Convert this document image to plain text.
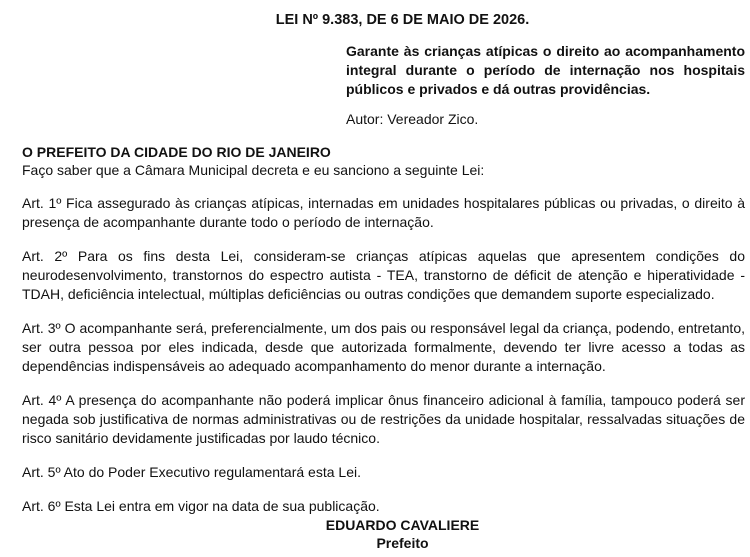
LEI Nº 9.383, DE 6 DE MAIO DE 2026.

Garante às crianças atípicas o direito ao acompanhamento integral durante o período de internação nos hospitais públicos e privados e dá outras providências.

Autor: Vereador Zico.

O PREFEITO DA CIDADE DO RIO DE JANEIRO

Faço saber que a Câmara Municipal decreta e eu sanciono a seguinte Lei:

Art. 1º Fica assegurado às crianças atípicas, internadas em unidades hospitalares públicas ou privadas, o direito à presença de acompanhante durante todo o período de internação.

Art. 2º Para os fins desta Lei, consideram-se crianças atípicas aquelas que apresentem condições do neurodesenvolvimento, transtornos do espectro autista - TEA, transtorno de déficit de atenção e hiperatividade - TDAH, deficiência intelectual, múltiplas deficiências ou outras condições que demandem suporte especializado.

Art. 3º O acompanhante será, preferencialmente, um dos pais ou responsável legal da criança, podendo, entretanto, ser outra pessoa por eles indicada, desde que autorizada formalmente, devendo ter livre acesso a todas as dependências indispensáveis ao adequado acompanhamento do menor durante a internação.

Art. 4º A presença do acompanhante não poderá implicar ônus financeiro adicional à família, tampouco poderá ser negada sob justificativa de normas administrativas ou de restrições da unidade hospitalar, ressalvadas situações de risco sanitário devidamente justificadas por laudo técnico.

Art. 5º Ato do Poder Executivo regulamentará esta Lei.

Art. 6º Esta Lei entra em vigor na data de sua publicação.

EDUARDO CAVALIERE

Prefeito
